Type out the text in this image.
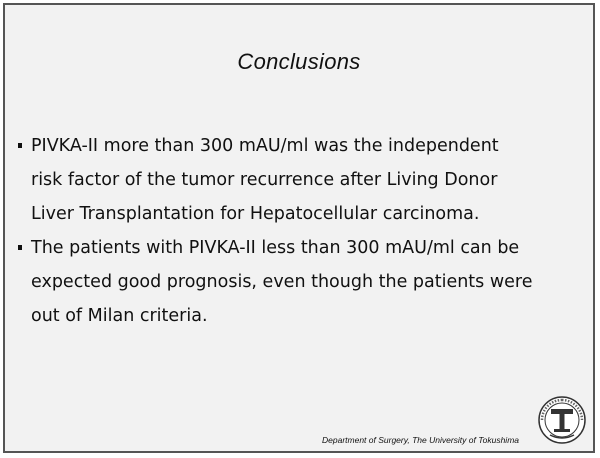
Conclusions
PIVKA-II more than 300 mAU/ml was the independent
risk factor of the tumor recurrence after Living Donor
Liver Transplantation for Hepatocellular carcinoma.
The patients with PIVKA-II less than 300 mAU/ml can be
expected good prognosis, even though the patients were
out of Milan criteria.
Department of Surgery, The University of Tokushima
